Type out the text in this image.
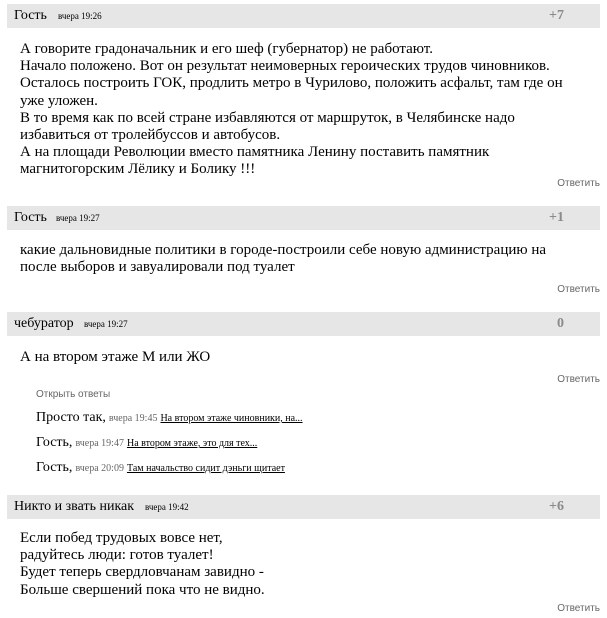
Гость вчера 19:26	+7
А говорите градоначальник и его шеф (губернатор) не работают.
Начало положено. Вот он результат неимоверных героических трудов чиновников.
Осталось построить ГОК, продлить метро в Чурилово, положить асфальт, там где он
уже уложен.
В то время как по всей стране избавляются от маршруток, в Челябинске надо
избавиться от тролейбуссов и автобусов.
А на площади Революции вместо памятника Ленину поставить памятник
магнитогорским Лёлику и Болику !!!
Ответить
Гость вчера 19:27	+1
какие дальновидные политики в городе-построили себе новую администрацию на
после выборов и завуалировали под туалет
Ответить
чебуратор вчера 19:27	0
А на втором этаже М или ЖО
Ответить
Открыть ответы
Просто так, вчера 19:45 На втором этаже чиновники, на...
Гость, вчера 19:47 На втором этаже, это для тех...
Гость, вчера 20:09 Там начальство сидит дэньги щитает
Никто и звать никак вчера 19:42	+6
Если побед трудовых вовсе нет,
радуйтесь люди: готов туалет!
Будет теперь свердловчанам завидно -
Больше свершений пока что не видно.
Ответить
